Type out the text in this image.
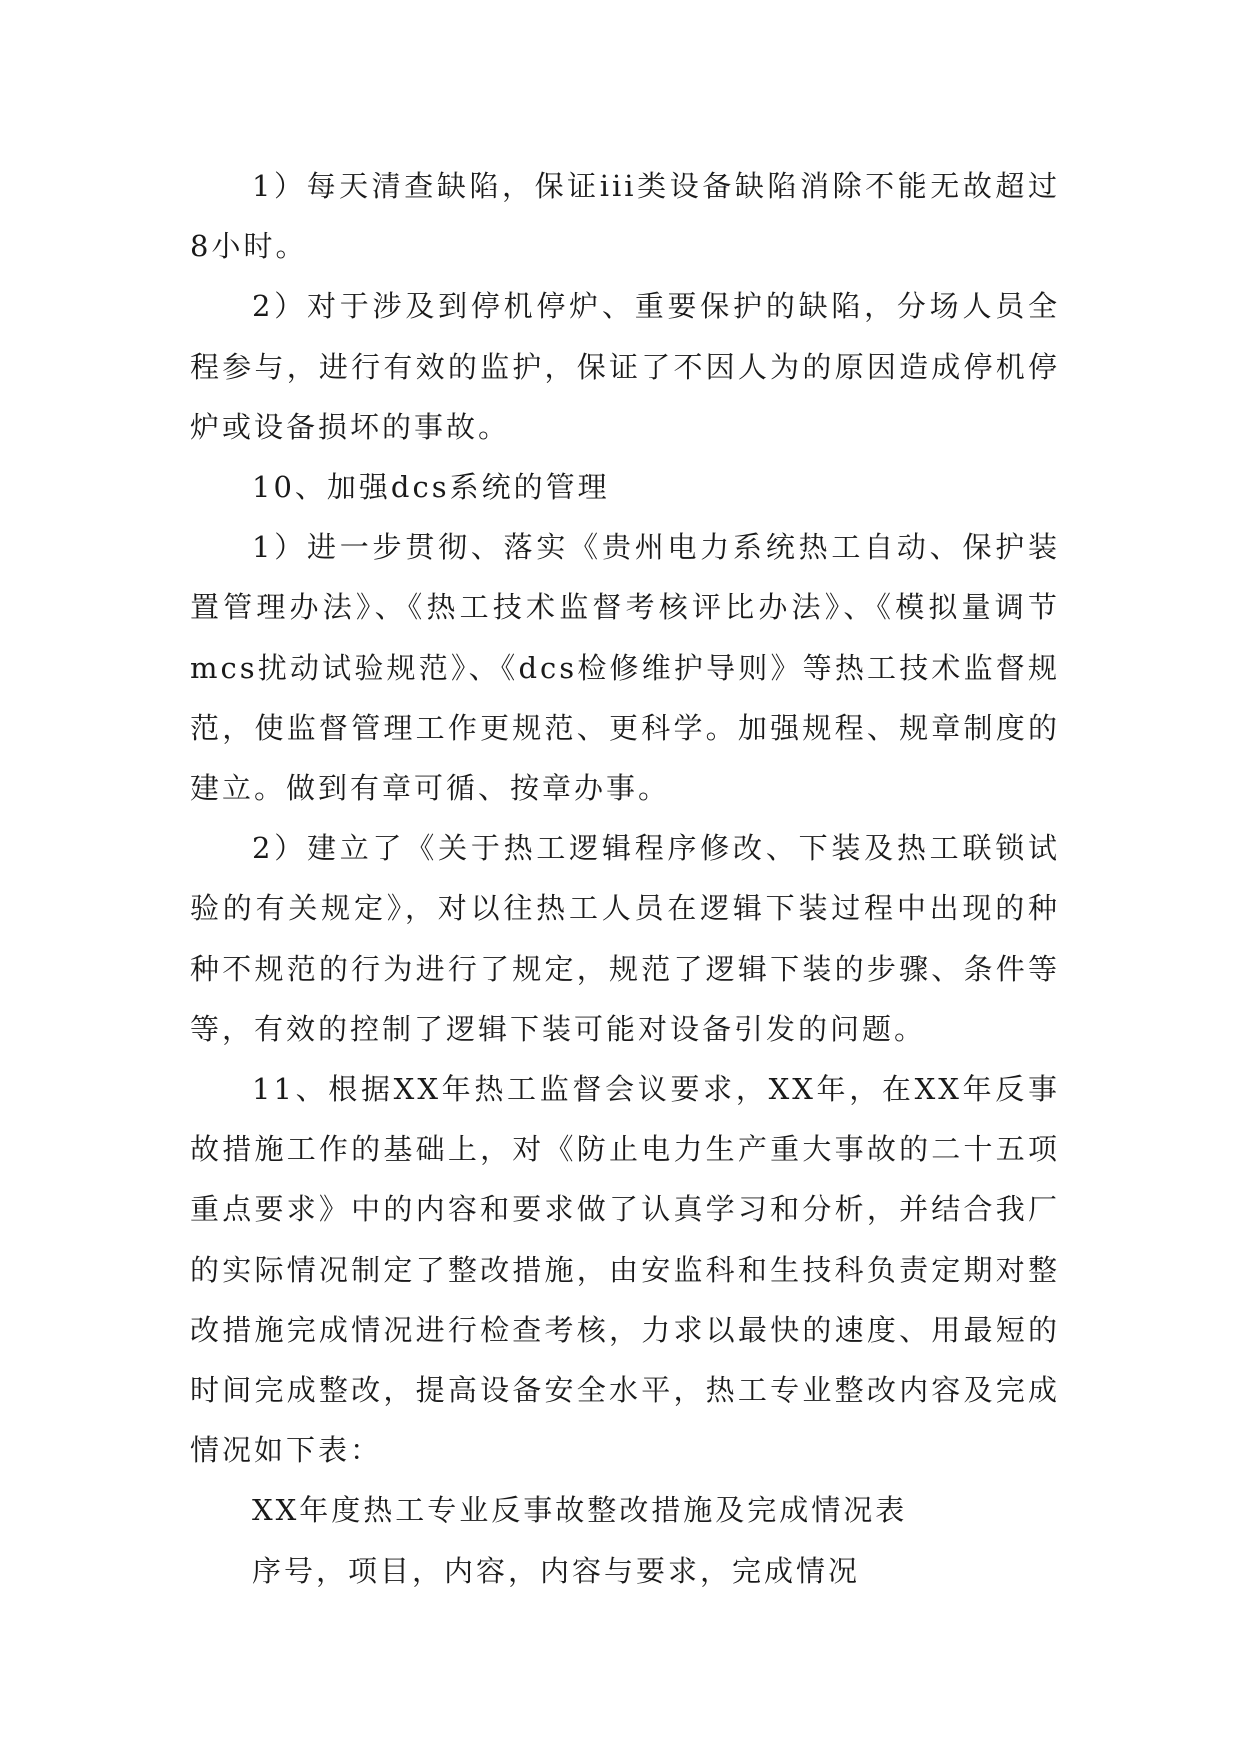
1）每天清查缺陷，保证iii类设备缺陷消除不能无故超过8小时。

2）对于涉及到停机停炉、重要保护的缺陷，分场人员全程参与，进行有效的监护，保证了不因人为的原因造成停机停炉或设备损坏的事故。

10、加强dcs系统的管理

1）进一步贯彻、落实《贵州电力系统热工自动、保护装置管理办法》、《热工技术监督考核评比办法》、《模拟量调节mcs扰动试验规范》、《dcs检修维护导则》等热工技术监督规范，使监督管理工作更规范、更科学。加强规程、规章制度的建立。做到有章可循、按章办事。

2）建立了《关于热工逻辑程序修改、下装及热工联锁试验的有关规定》，对以往热工人员在逻辑下装过程中出现的种种不规范的行为进行了规定，规范了逻辑下装的步骤、条件等等，有效的控制了逻辑下装可能对设备引发的问题。

11、根据XX年热工监督会议要求，XX年，在XX年反事故措施工作的基础上，对《防止电力生产重大事故的二十五项重点要求》中的内容和要求做了认真学习和分析，并结合我厂的实际情况制定了整改措施，由安监科和生技科负责定期对整改措施完成情况进行检查考核，力求以最快的速度、用最短的时间完成整改，提高设备安全水平，热工专业整改内容及完成情况如下表：

XX年度热工专业反事故整改措施及完成情况表

序号，项目，内容，内容与要求，完成情况
